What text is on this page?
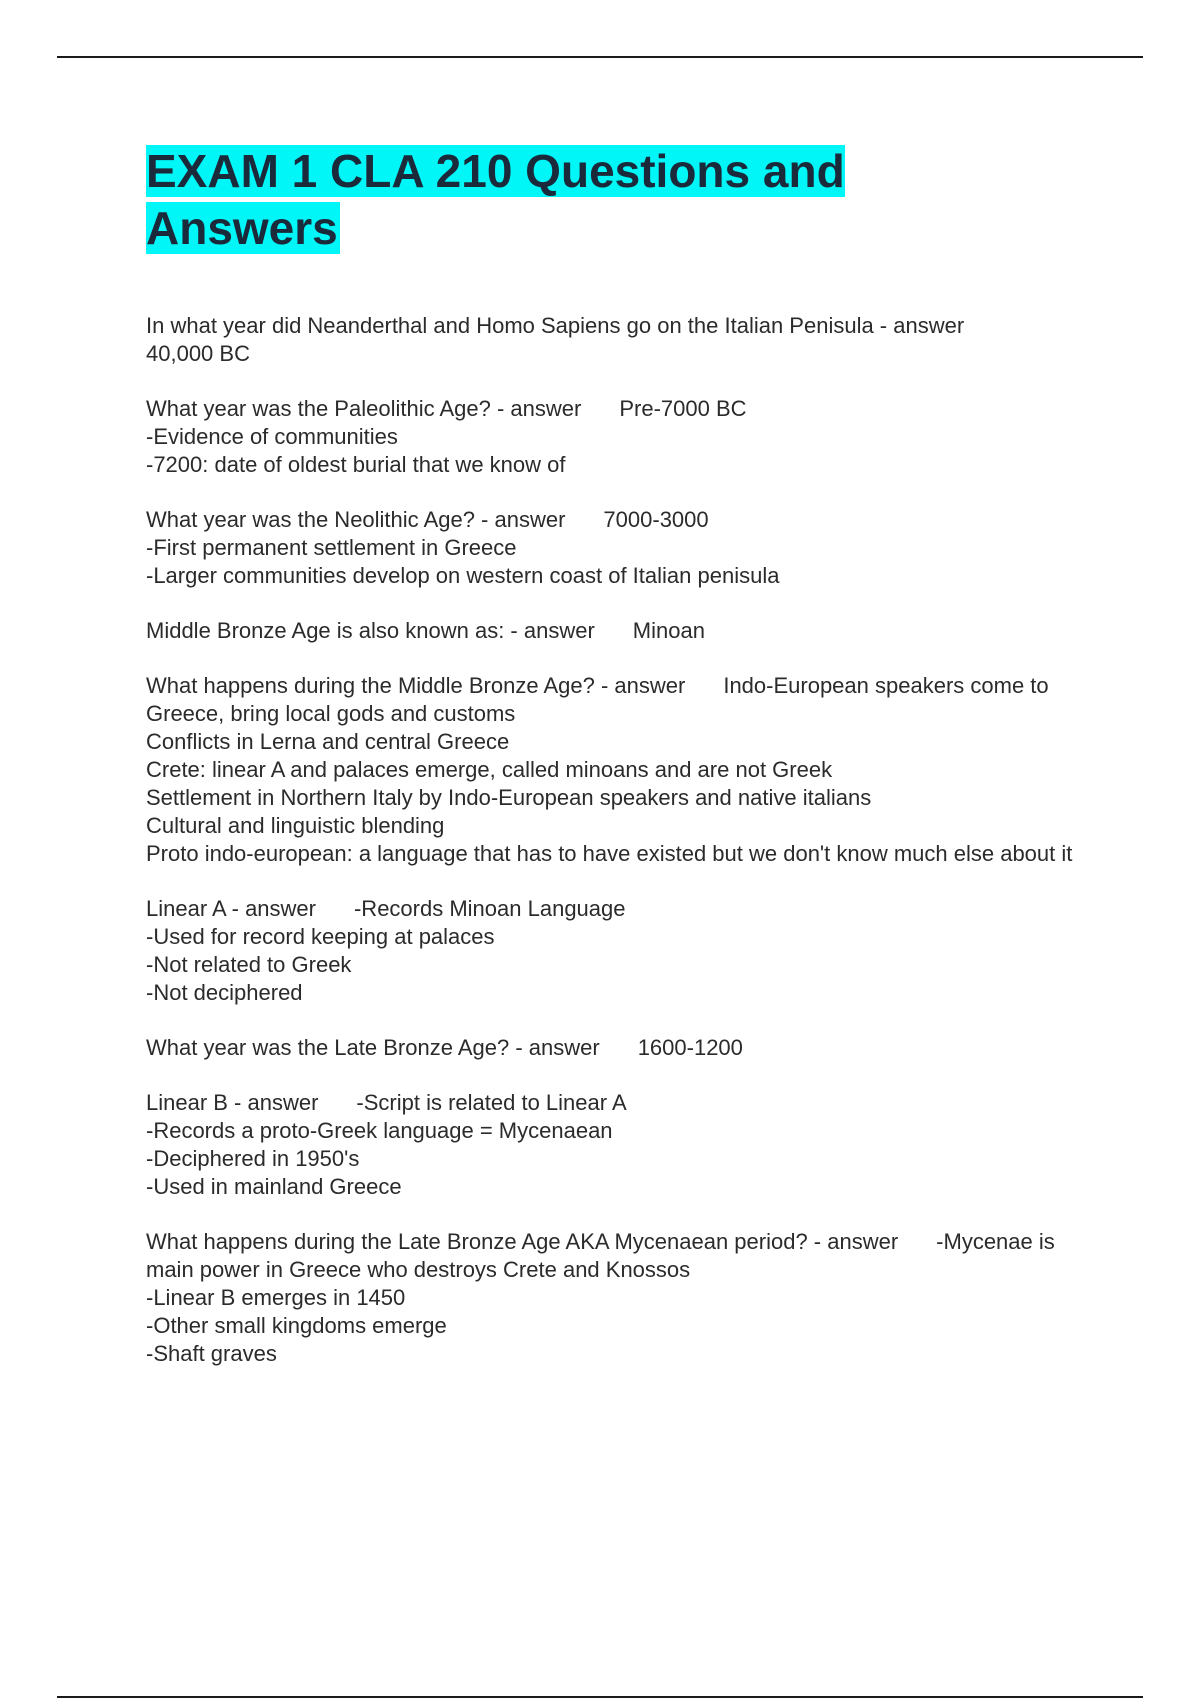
EXAM 1 CLA 210 Questions and Answers
In what year did Neanderthal and Homo Sapiens go on the Italian Penisula - answer
40,000 BC
What year was the Paleolithic Age? - answer Pre-7000 BC
-Evidence of communities
-7200: date of oldest burial that we know of
What year was the Neolithic Age? - answer 7000-3000
-First permanent settlement in Greece
-Larger communities develop on western coast of Italian penisula
Middle Bronze Age is also known as: - answer Minoan
What happens during the Middle Bronze Age? - answer Indo-European speakers come to Greece, bring local gods and customs
Conflicts in Lerna and central Greece
Crete: linear A and palaces emerge, called minoans and are not Greek
Settlement in Northern Italy by Indo-European speakers and native italians
Cultural and linguistic blending
Proto indo-european: a language that has to have existed but we don't know much else about it
Linear A - answer -Records Minoan Language
-Used for record keeping at palaces
-Not related to Greek
-Not deciphered
What year was the Late Bronze Age? - answer 1600-1200
Linear B - answer -Script is related to Linear A
-Records a proto-Greek language = Mycenaean
-Deciphered in 1950's
-Used in mainland Greece
What happens during the Late Bronze Age AKA Mycenaean period? - answer -Mycenae is main power in Greece who destroys Crete and Knossos
-Linear B emerges in 1450
-Other small kingdoms emerge
-Shaft graves
